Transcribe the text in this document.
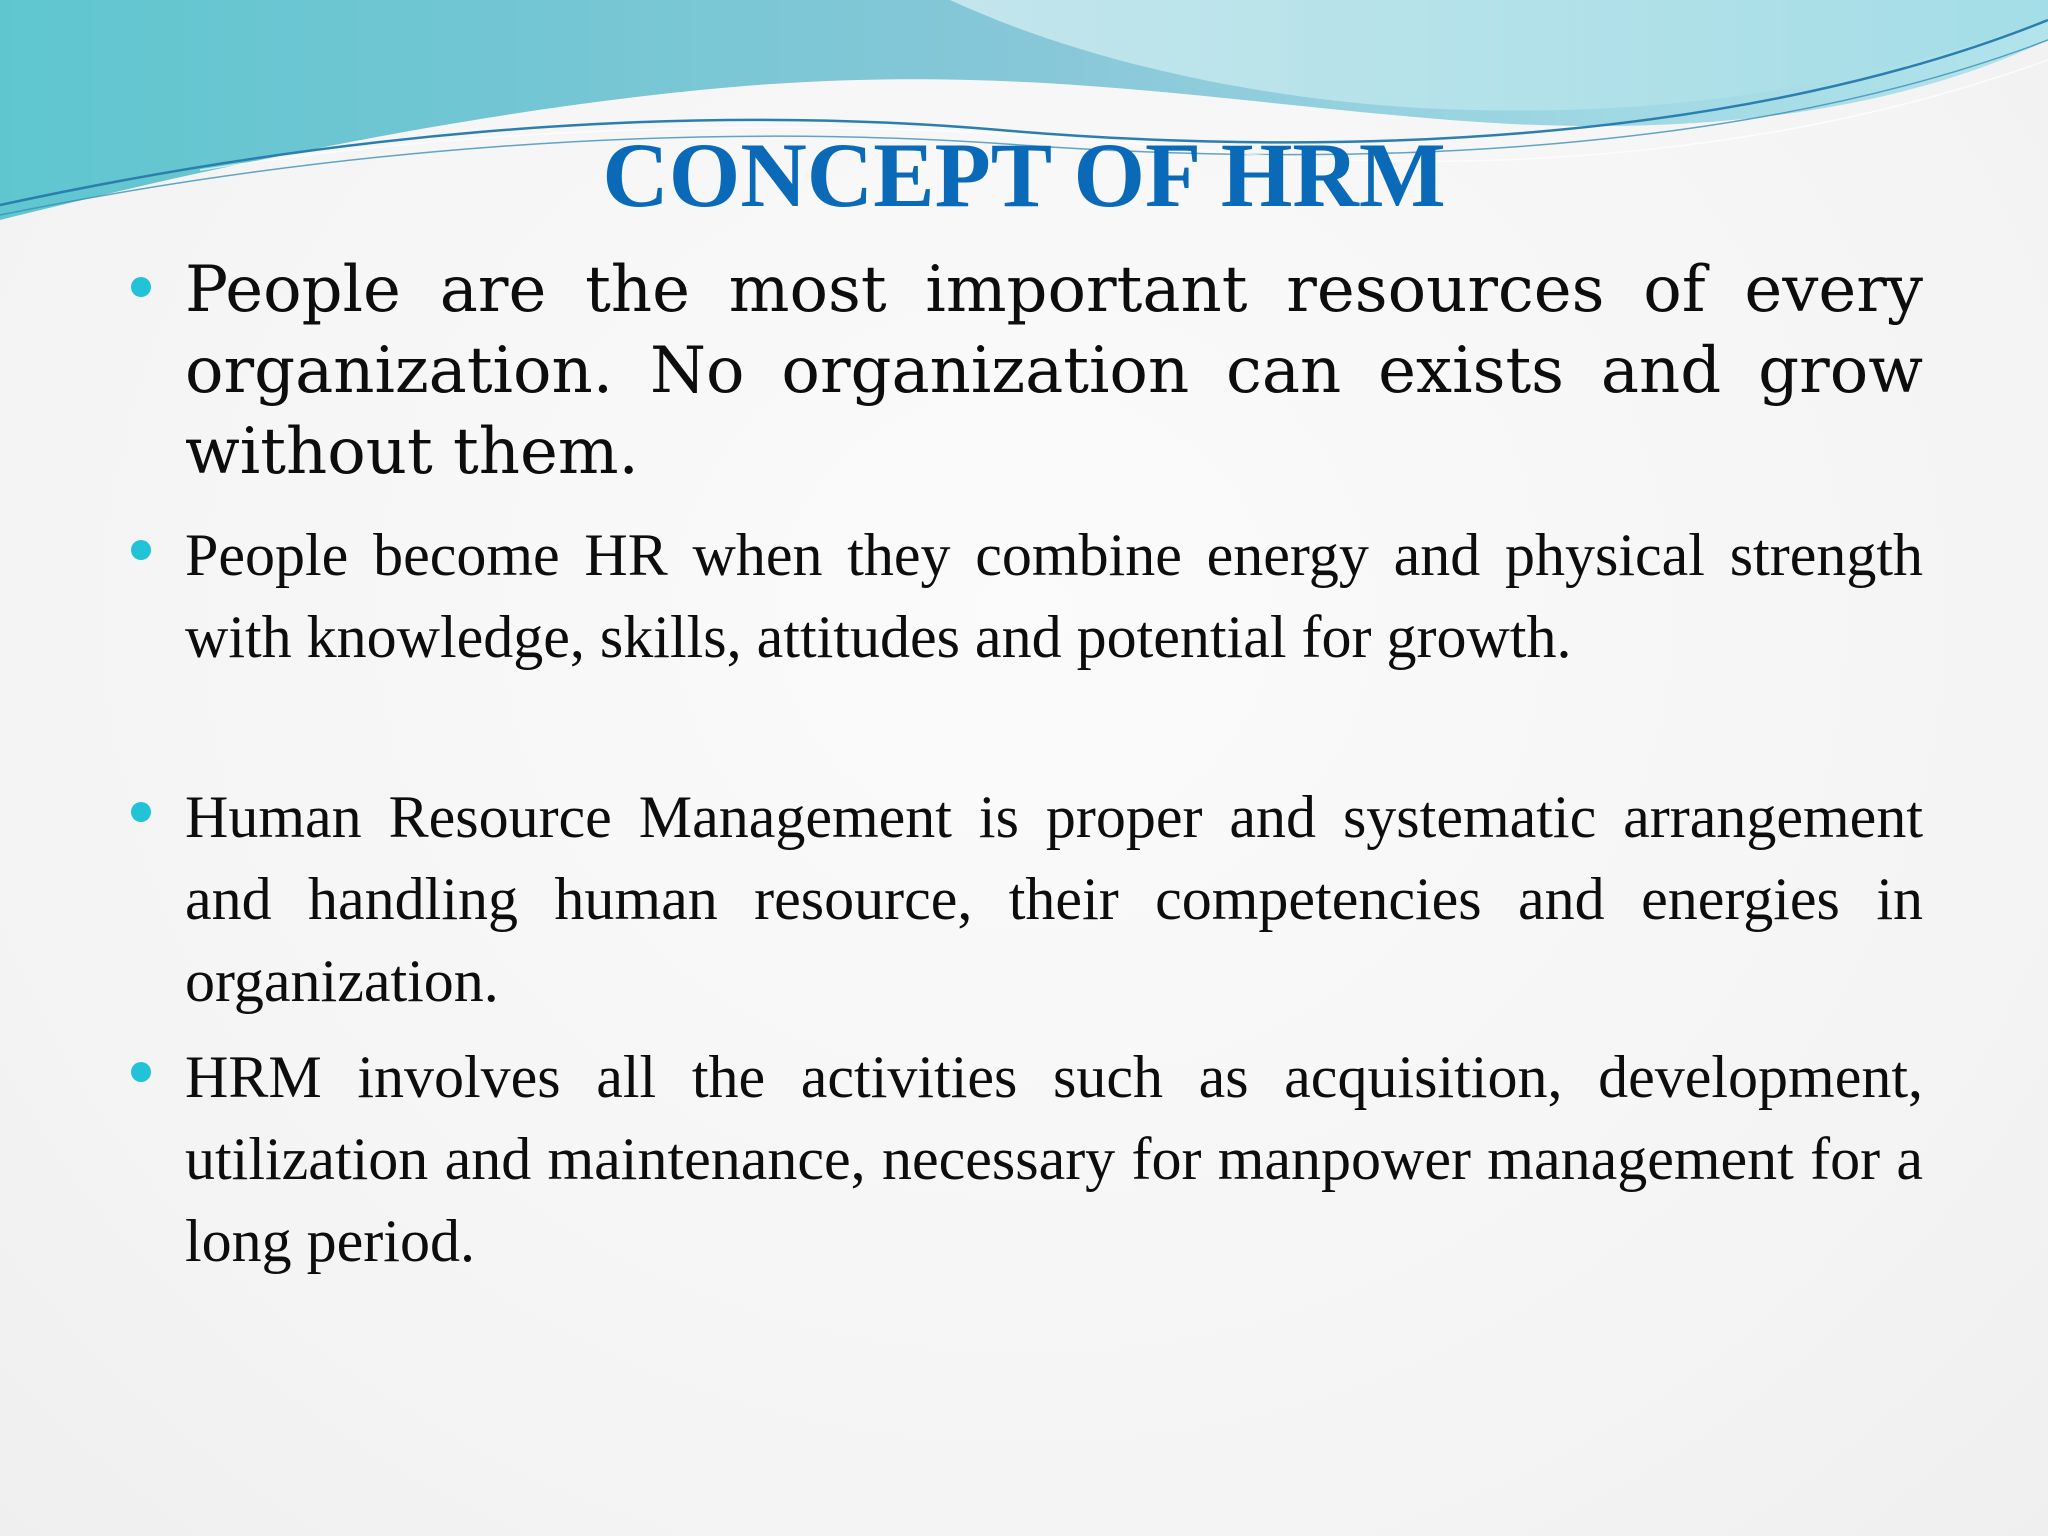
CONCEPT OF HRM
People are the most important resources of every organization. No organization can exists and grow without them.
People become HR when they combine energy and physical strength with knowledge, skills, attitudes and potential for growth.
Human Resource Management is proper and systematic arrangement and handling human resource, their competencies and energies in organization.
HRM involves all the activities such as acquisition, development, utilization and maintenance, necessary for manpower management for a long period.
